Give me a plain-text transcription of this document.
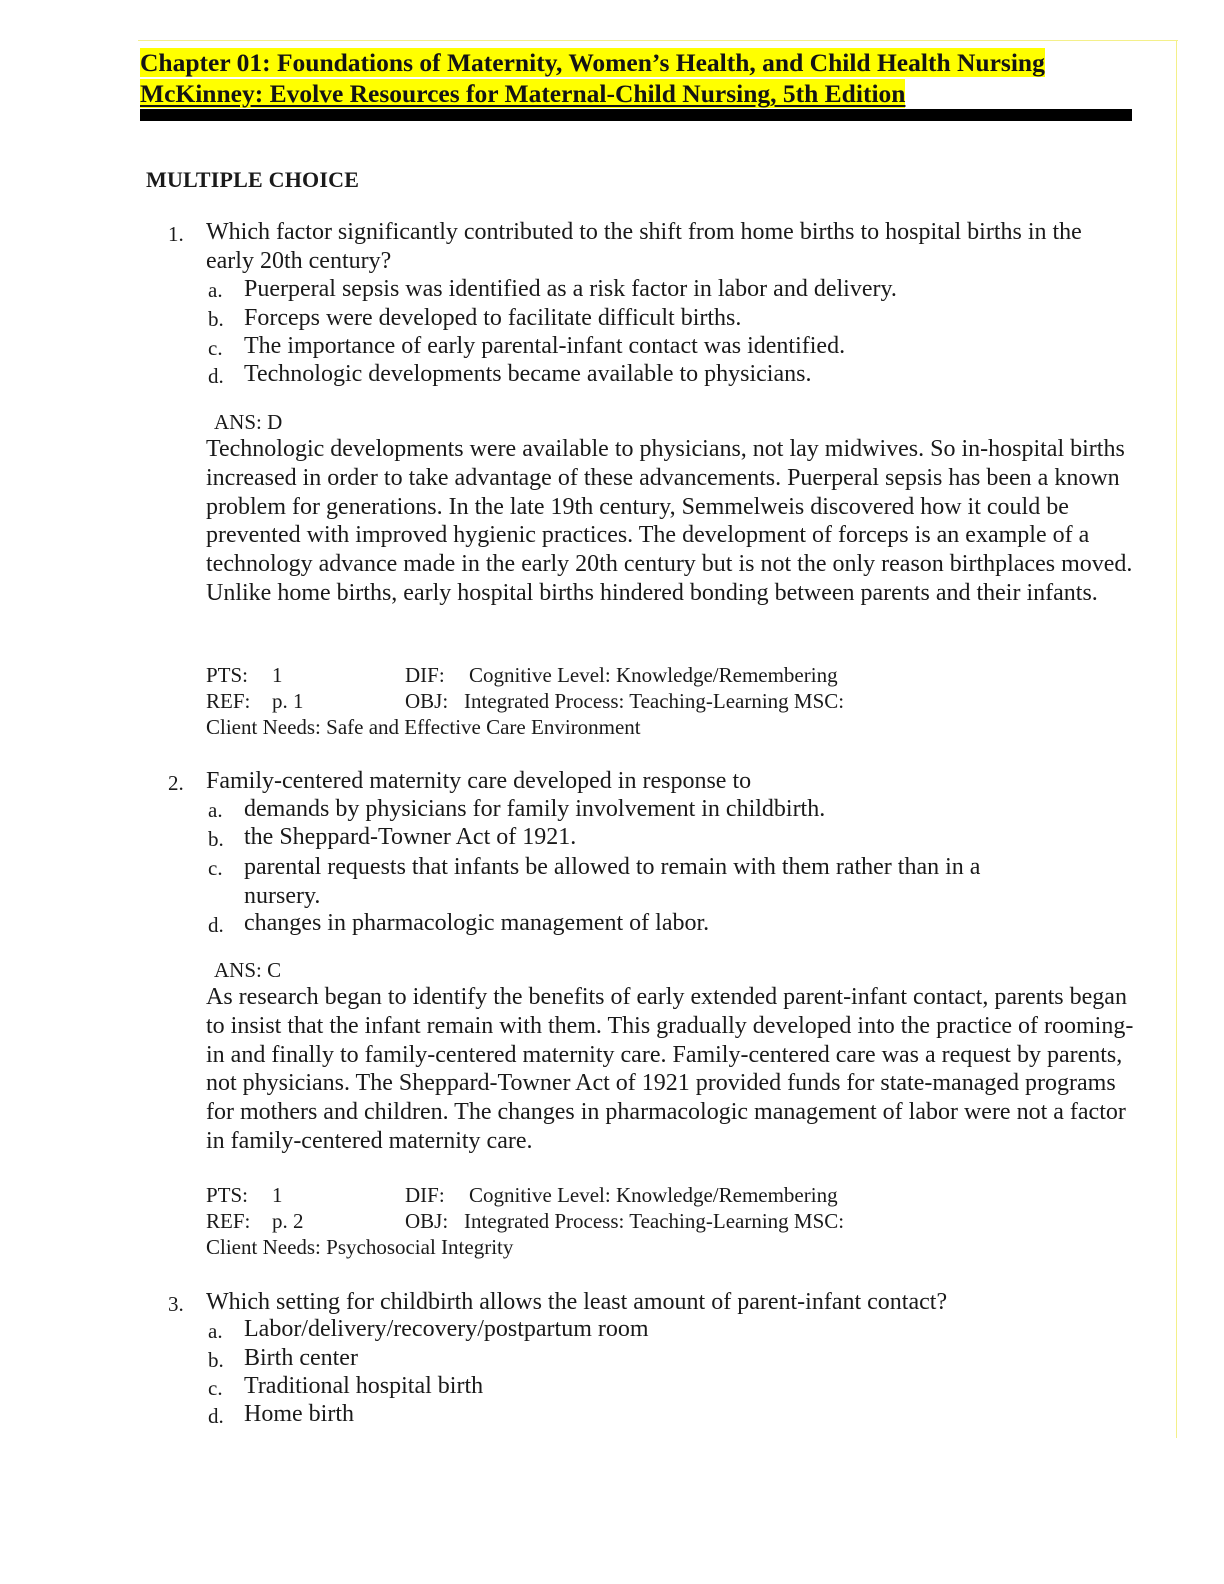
Chapter 01: Foundations of Maternity, Women’s Health, and Child Health Nursing
McKinney: Evolve Resources for Maternal-Child Nursing, 5th Edition
MULTIPLE CHOICE
1. Which factor significantly contributed to the shift from home births to hospital births in the early 20th century?
a. Puerperal sepsis was identified as a risk factor in labor and delivery.
b. Forceps were developed to facilitate difficult births.
c. The importance of early parental-infant contact was identified.
d. Technologic developments became available to physicians.
ANS: D
Technologic developments were available to physicians, not lay midwives. So in-hospital births increased in order to take advantage of these advancements. Puerperal sepsis has been a known problem for generations. In the late 19th century, Semmelweis discovered how it could be prevented with improved hygienic practices. The development of forceps is an example of a technology advance made in the early 20th century but is not the only reason birthplaces moved. Unlike home births, early hospital births hindered bonding between parents and their infants.
PTS: 1	DIF: Cognitive Level: Knowledge/Remembering
REF: p. 1	OBJ: Integrated Process: Teaching-Learning MSC:
Client Needs: Safe and Effective Care Environment
2. Family-centered maternity care developed in response to
a. demands by physicians for family involvement in childbirth.
b. the Sheppard-Towner Act of 1921.
c. parental requests that infants be allowed to remain with them rather than in a nursery.
d. changes in pharmacologic management of labor.
ANS: C
As research began to identify the benefits of early extended parent-infant contact, parents began to insist that the infant remain with them. This gradually developed into the practice of rooming-in and finally to family-centered maternity care. Family-centered care was a request by parents, not physicians. The Sheppard-Towner Act of 1921 provided funds for state-managed programs for mothers and children. The changes in pharmacologic management of labor were not a factor in family-centered maternity care.
PTS: 1	DIF: Cognitive Level: Knowledge/Remembering
REF: p. 2	OBJ: Integrated Process: Teaching-Learning MSC:
Client Needs: Psychosocial Integrity
3. Which setting for childbirth allows the least amount of parent-infant contact?
a. Labor/delivery/recovery/postpartum room
b. Birth center
c. Traditional hospital birth
d. Home birth
